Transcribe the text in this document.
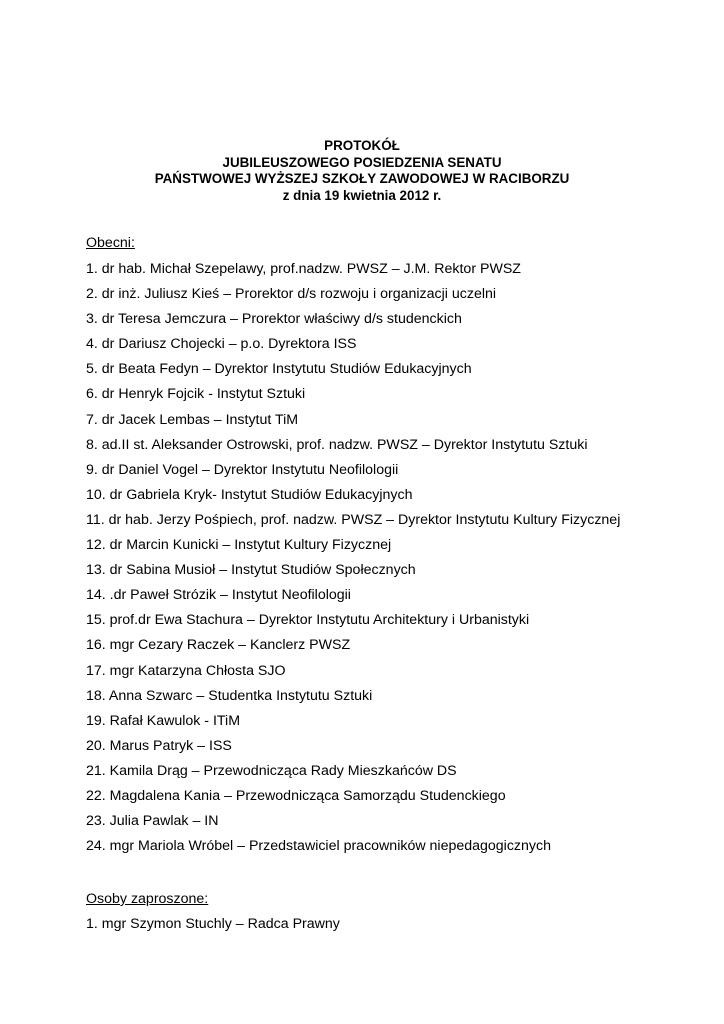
PROTOKÓŁ
JUBILEUSZOWEGO POSIEDZENIA SENATU
PAŃSTWOWEJ WYŻSZEJ SZKOŁY ZAWODOWEJ W RACIBORZU
z dnia 19 kwietnia 2012 r.
Obecni:
1. dr hab. Michał Szepelawy, prof.nadzw. PWSZ – J.M. Rektor PWSZ
2. dr inż. Juliusz Kieś – Prorektor d/s rozwoju i organizacji uczelni
3. dr Teresa Jemczura – Prorektor właściwy d/s studenckich
4. dr Dariusz Chojecki – p.o. Dyrektora ISS
5. dr Beata Fedyn – Dyrektor Instytutu Studiów Edukacyjnych
6. dr Henryk Fojcik - Instytut Sztuki
7. dr Jacek Lembas – Instytut TiM
8. ad.II st. Aleksander Ostrowski, prof. nadzw. PWSZ – Dyrektor Instytutu Sztuki
9. dr Daniel Vogel – Dyrektor Instytutu Neofilologii
10. dr Gabriela Kryk- Instytut Studiów Edukacyjnych
11. dr hab. Jerzy Pośpiech, prof. nadzw. PWSZ – Dyrektor Instytutu Kultury Fizycznej
12. dr Marcin Kunicki – Instytut Kultury Fizycznej
13. dr Sabina Musioł – Instytut Studiów Społecznych
14. .dr Paweł Strózik – Instytut Neofilologii
15. prof.dr Ewa Stachura – Dyrektor Instytutu Architektury i Urbanistyki
16. mgr Cezary Raczek – Kanclerz PWSZ
17. mgr Katarzyna Chłosta SJO
18. Anna Szwarc – Studentka Instytutu Sztuki
19. Rafał Kawulok - ITiM
20. Marus Patryk – ISS
21. Kamila Drąg – Przewodnicząca Rady Mieszkańców DS
22. Magdalena Kania – Przewodnicząca Samorządu Studenckiego
23. Julia Pawlak – IN
24. mgr Mariola Wróbel – Przedstawiciel pracowników niepedagogicznych
Osoby zaproszone:
1. mgr Szymon Stuchly – Radca Prawny
